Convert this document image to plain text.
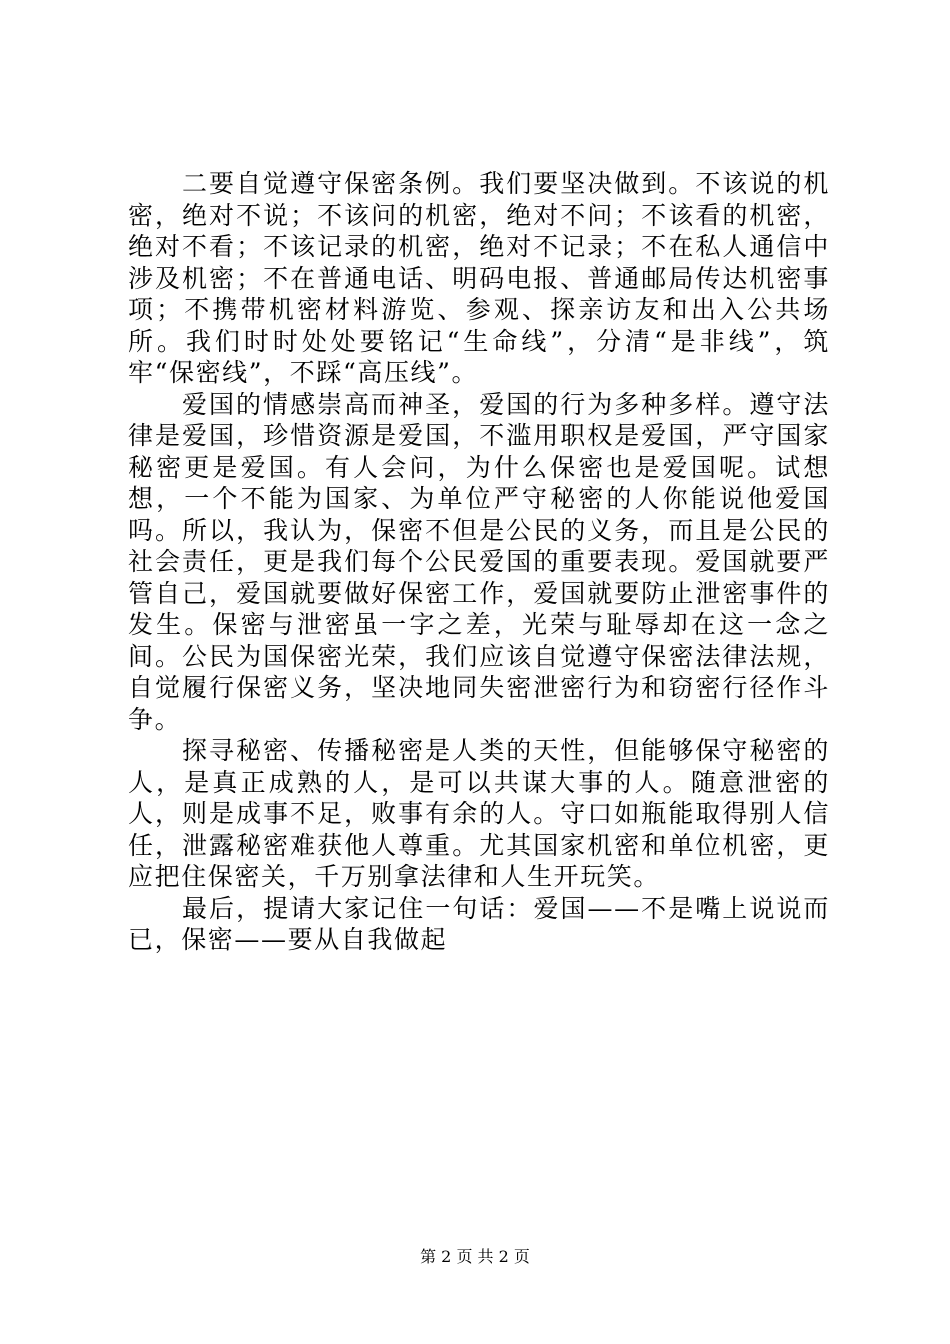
二要自觉遵守保密条例。我们要坚决做到。不该说的机密，绝对不说；不该问的机密，绝对不问；不该看的机密，绝对不看；不该记录的机密，绝对不记录；不在私人通信中涉及机密；不在普通电话、明码电报、普通邮局传达机密事项；不携带机密材料游览、参观、探亲访友和出入公共场所。我们时时处处要铭记“生命线”，分清“是非线”，筑牢“保密线”，不踩“高压线”。

爱国的情感崇高而神圣，爱国的行为多种多样。遵守法律是爱国，珍惜资源是爱国，不滥用职权是爱国，严守国家秘密更是爱国。有人会问，为什么保密也是爱国呢。试想想，一个不能为国家、为单位严守秘密的人你能说他爱国吗。所以，我认为，保密不但是公民的义务，而且是公民的社会责任，更是我们每个公民爱国的重要表现。爱国就要严管自己，爱国就要做好保密工作，爱国就要防止泄密事件的发生。保密与泄密虽一字之差，光荣与耻辱却在这一念之间。公民为国保密光荣，我们应该自觉遵守保密法律法规，自觉履行保密义务，坚决地同失密泄密行为和窃密行径作斗争。

探寻秘密、传播秘密是人类的天性，但能够保守秘密的人，是真正成熟的人，是可以共谋大事的人。随意泄密的人，则是成事不足，败事有余的人。守口如瓶能取得别人信任，泄露秘密难获他人尊重。尤其国家机密和单位机密，更应把住保密关，千万别拿法律和人生开玩笑。

最后，提请大家记住一句话：爱国——不是嘴上说说而已，保密——要从自我做起

第 2 页 共 2 页
